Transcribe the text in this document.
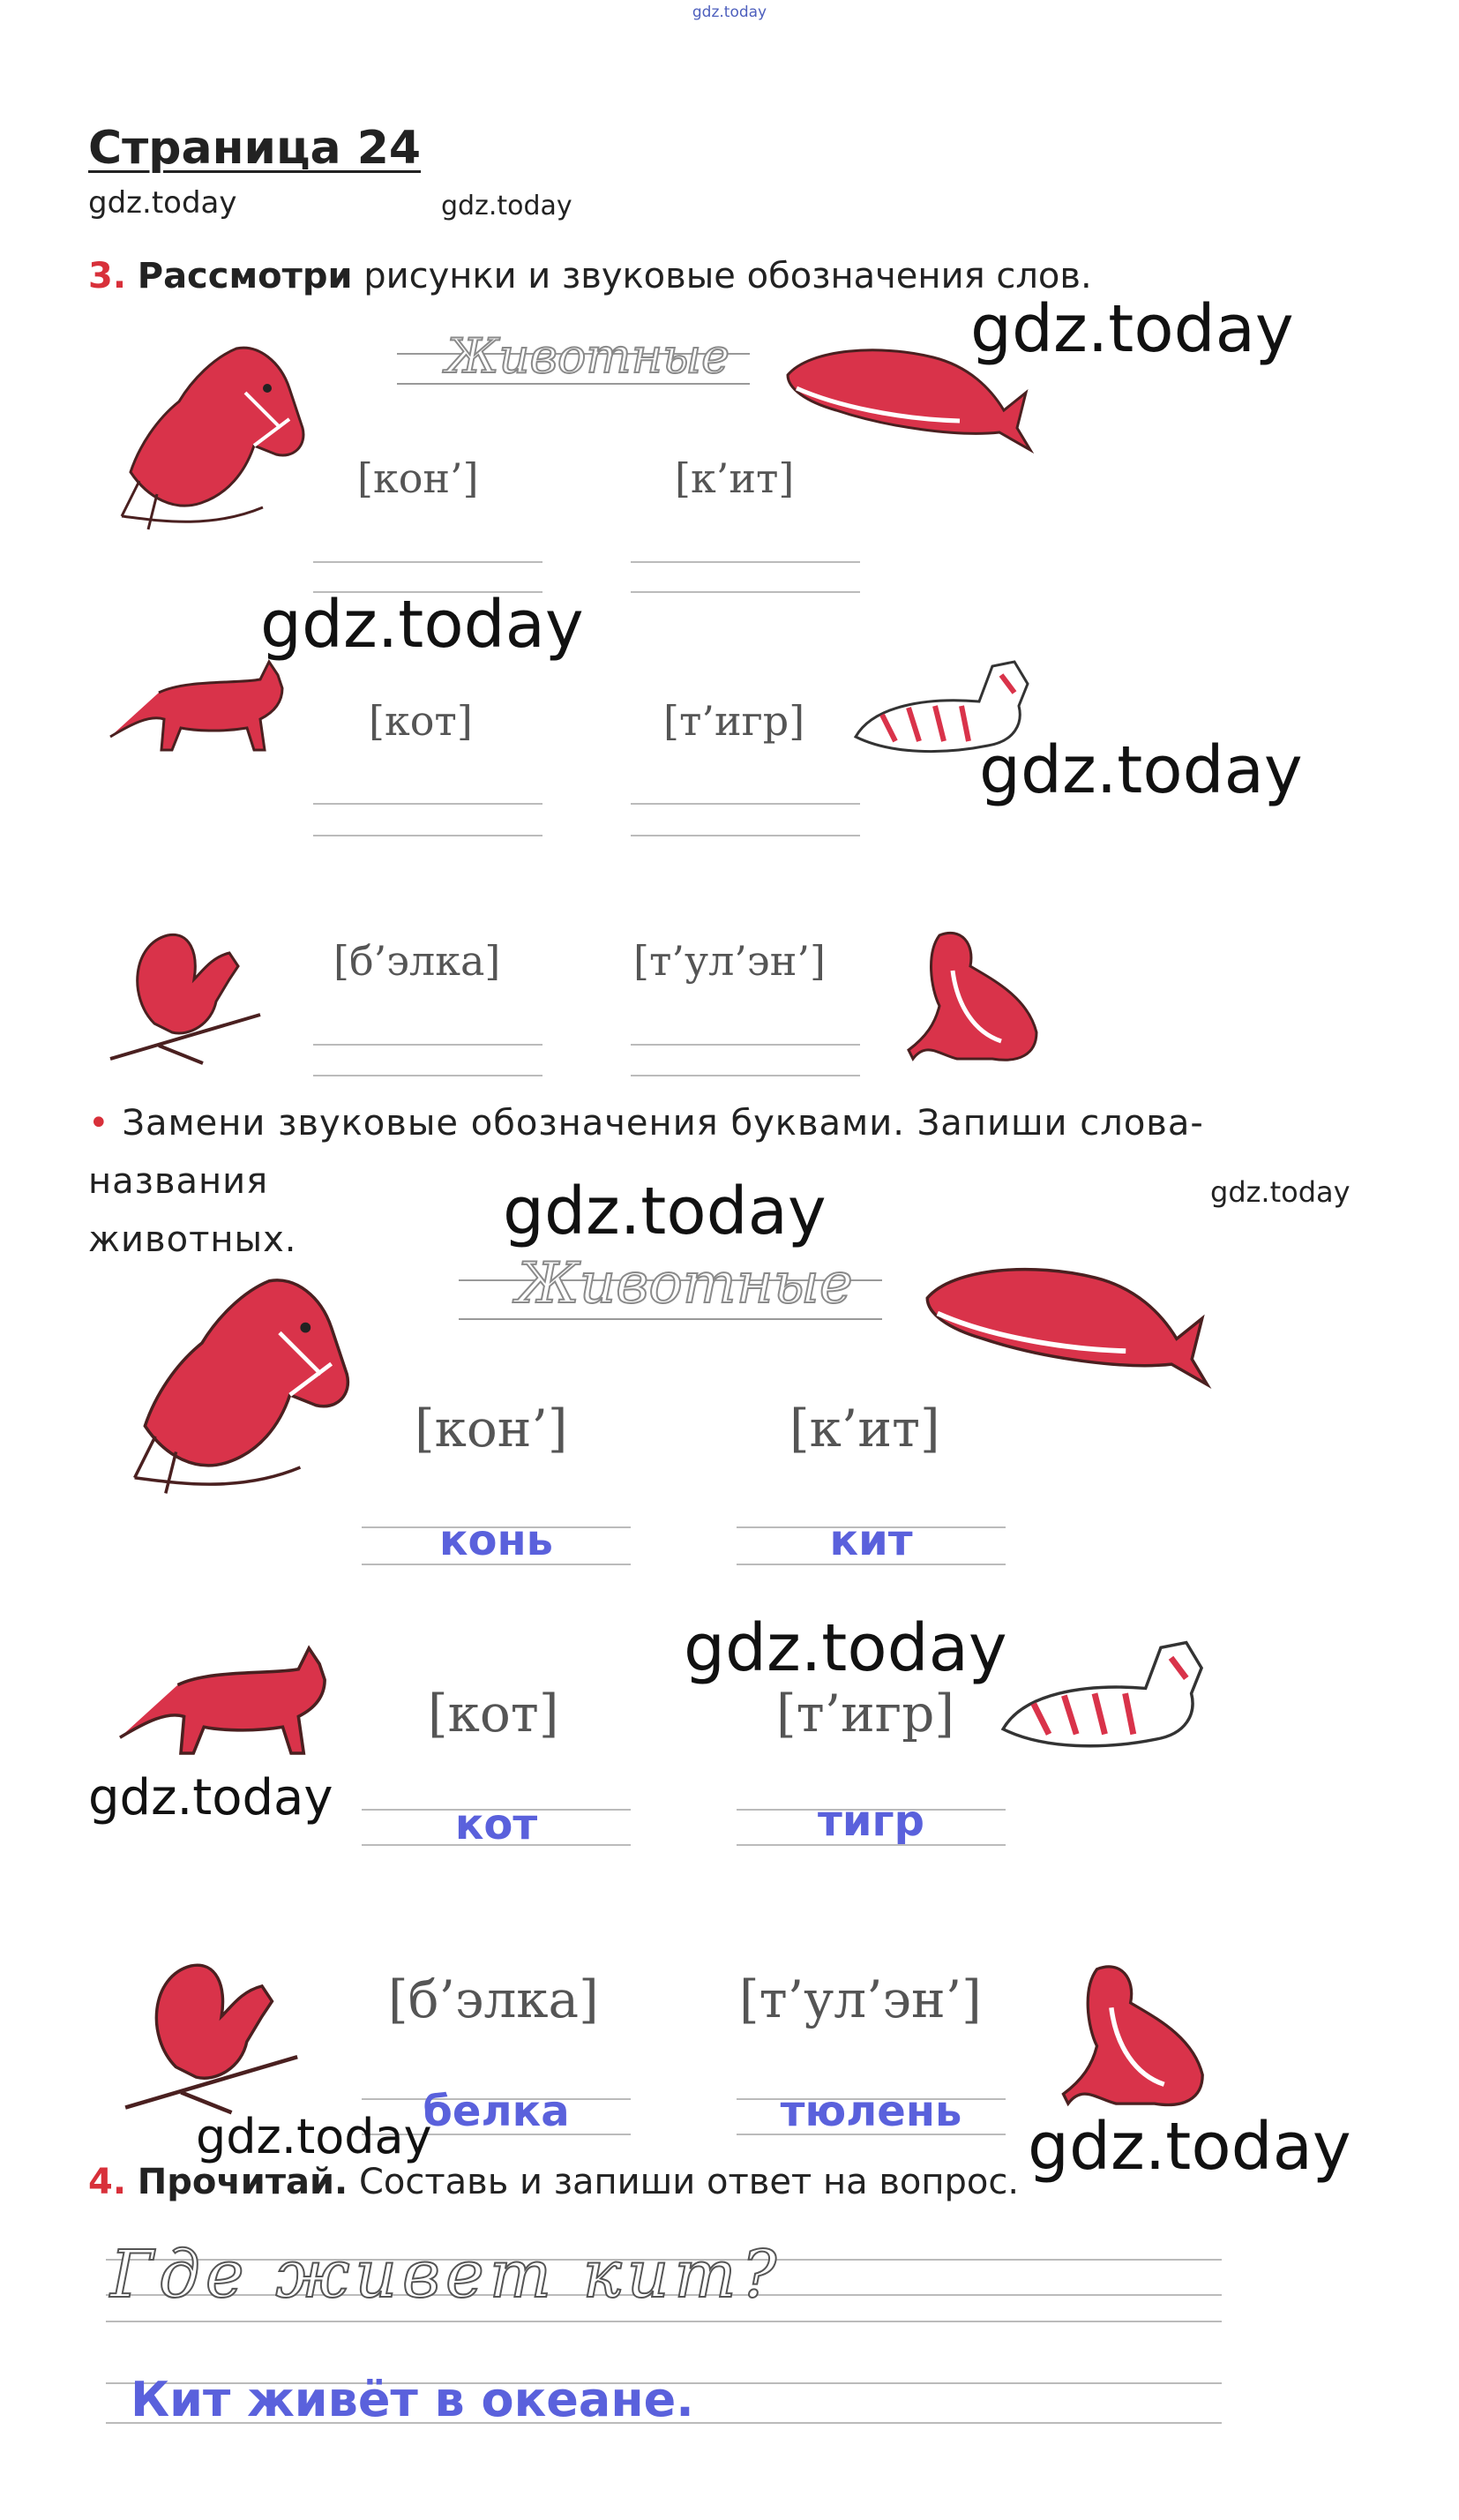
gdz.today
Страница 24
gdz.today	gdz.today
3. Рассмотри рисунки и звуковые обозначения слов.
Животные
[кон’]	[к’ит]
[кот]	[т’игр]
[б’элка]	[т’ул’эн’]
• Замени звуковые обозначения буквами. Запиши слова-названия
животных.
Животные
[кон’]	[к’ит]
конь	кит
[кот]	[т’игр]
кот	тигр
[б’элка]	[т’ул’эн’]
белка	тюлень
4. Прочитай. Составь и запиши ответ на вопрос.
Где живет кит?
Кит живёт в океане.
gdz.today
gdz.today
gdz.today
gdz.today	gdz.today
gdz.today
gdz.today
gdz.today	gdz.today
